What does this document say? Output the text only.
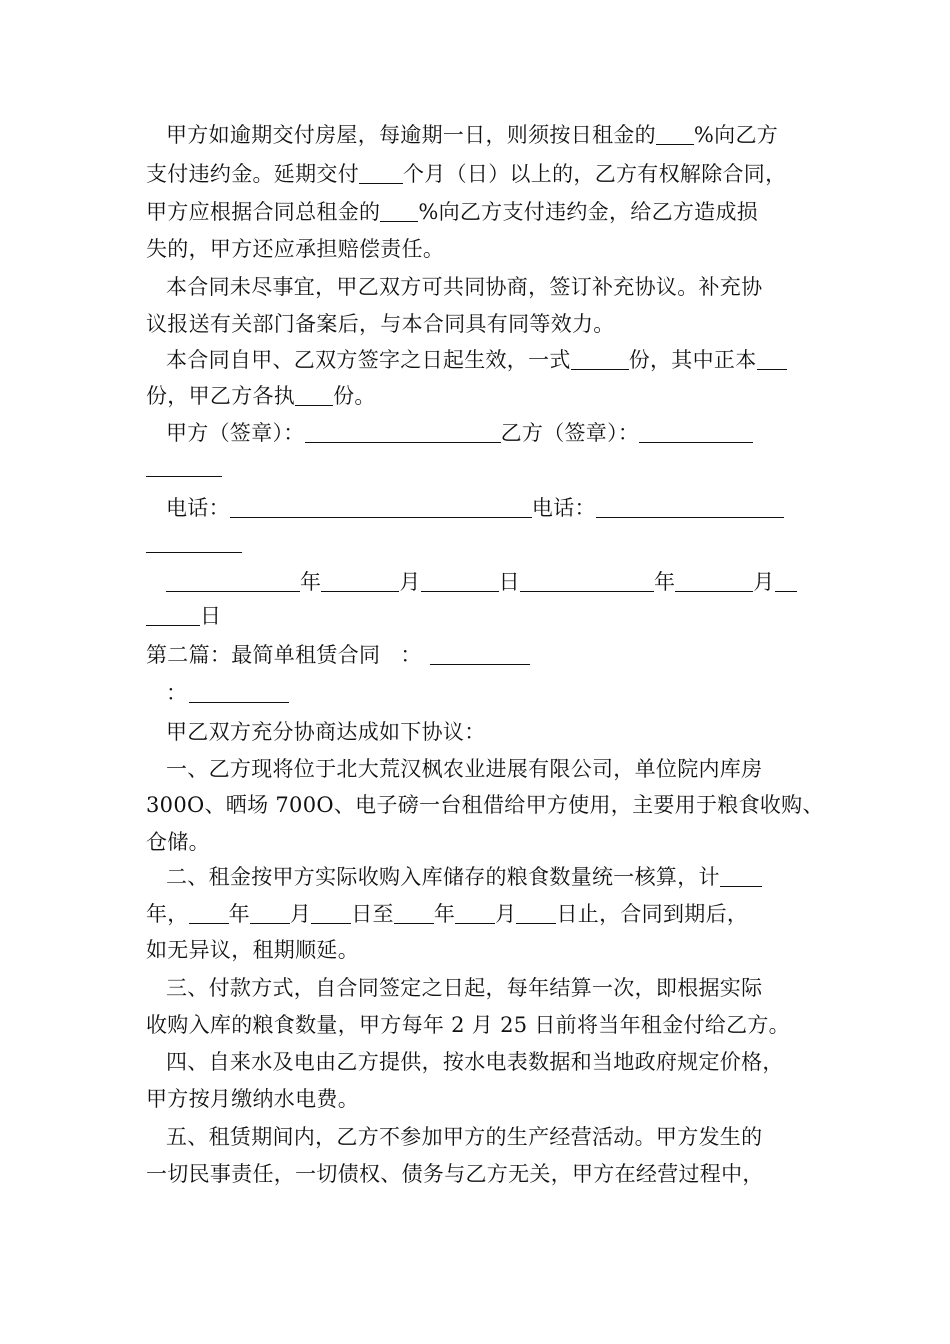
甲方如逾期交付房屋，每逾期一日，则须按日租金的 %向乙方
支付违约金。延期交付 个月（日）以上的，乙方有权解除合同，
甲方应根据合同总租金的 %向乙方支付违约金，给乙方造成损
失的，甲方还应承担赔偿责任。
本合同未尽事宜，甲乙双方可共同协商，签订补充协议。补充协
议报送有关部门备案后，与本合同具有同等效力。
本合同自甲、乙双方签字之日起生效，一式	份，其中正本
份，甲乙方各执 份。
甲方（签章）：	乙方（签章）：
电话：	电话：
年	月	日	年	月
日
第二篇：最简单租赁合同 ：
：
甲乙双方充分协商达成如下协议：
一、乙方现将位于北大荒汉枫农业进展有限公司，单位院内库房
300O、晒场 700O、电子磅一台租借给甲方使用，主要用于粮食收购、
仓储。
二、租金按甲方实际收购入库储存的粮食数量统一核算，计
年， 年 月 日至 年 月 日止，合同到期后，
如无异议，租期顺延。
三、付款方式，自合同签定之日起，每年结算一次，即根据实际
收购入库的粮食数量，甲方每年 2 月 25 日前将当年租金付给乙方。
四、自来水及电由乙方提供，按水电表数据和当地政府规定价格，
甲方按月缴纳水电费。
五、租赁期间内，乙方不参加甲方的生产经营活动。甲方发生的
一切民事责任，一切债权、债务与乙方无关，甲方在经营过程中，
